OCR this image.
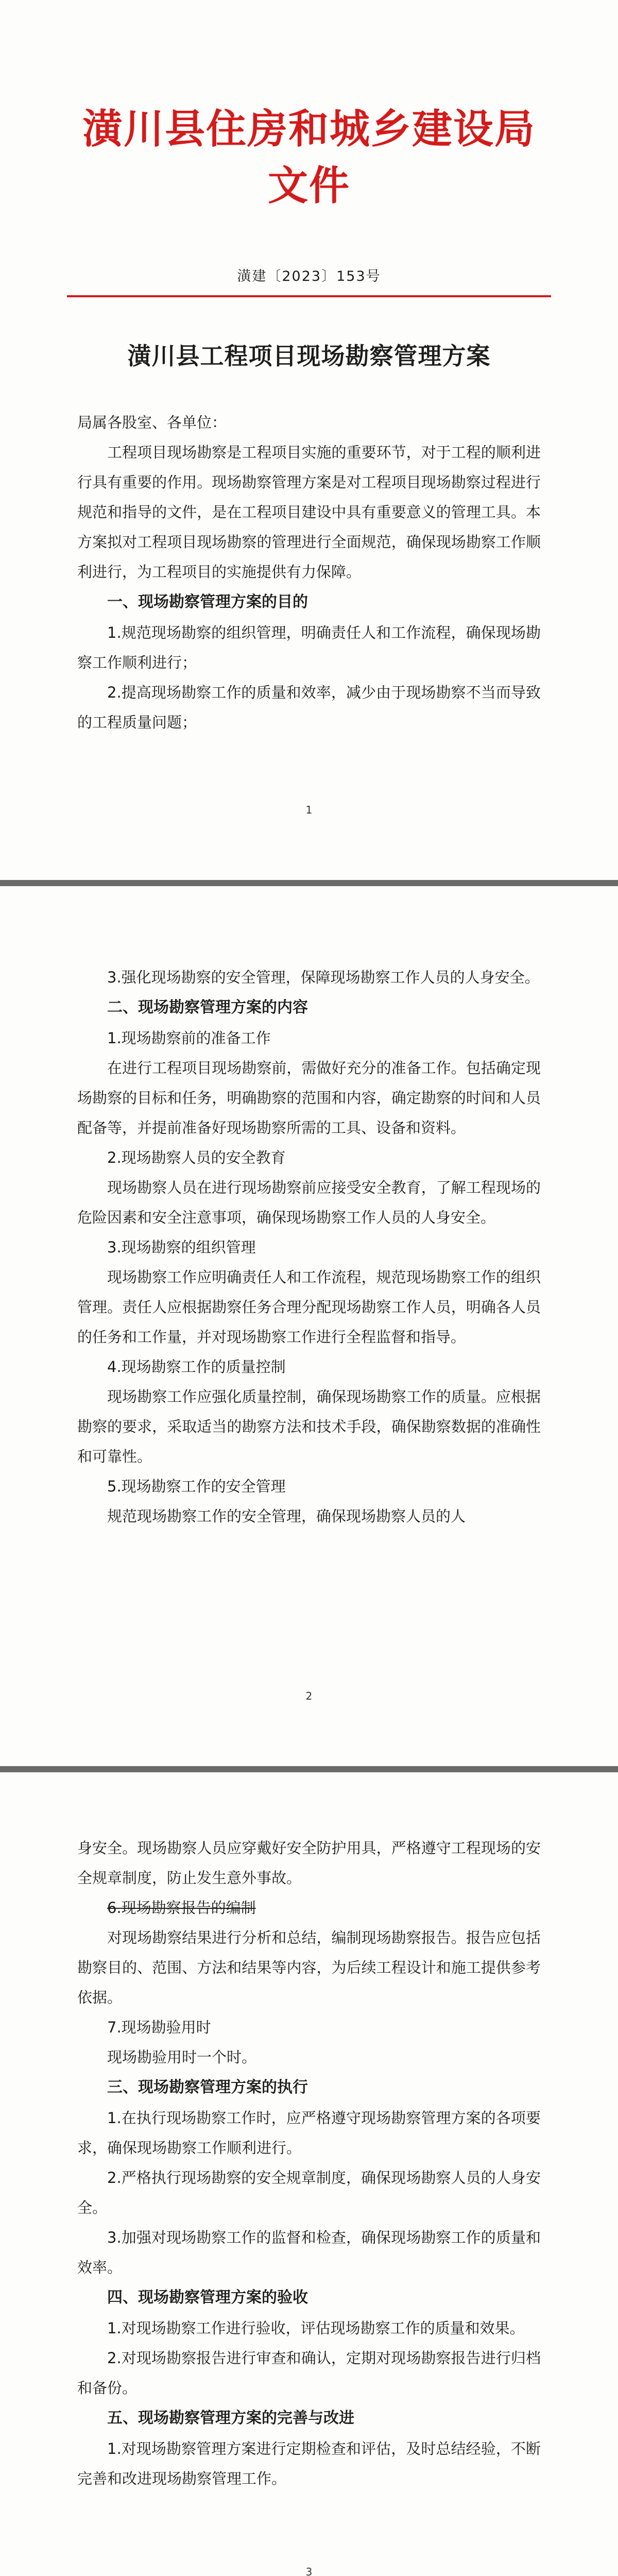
潢川县住房和城乡建设局文件
潢建〔2023〕153号
潢川县工程项目现场勘察管理方案
局属各股室、各单位：

工程项目现场勘察是工程项目实施的重要环节，对于工程的顺利进行具有重要的作用。现场勘察管理方案是对工程项目现场勘察过程进行规范和指导的文件，是在工程项目建设中具有重要意义的管理工具。本方案拟对工程项目现场勘察的管理进行全面规范，确保现场勘察工作顺利进行，为工程项目的实施提供有力保障。

一、现场勘察管理方案的目的

1.规范现场勘察的组织管理，明确责任人和工作流程，确保现场勘察工作顺利进行；

2.提高现场勘察工作的质量和效率，减少由于现场勘察不当而导致的工程质量问题；

1

3.强化现场勘察的安全管理，保障现场勘察工作人员的人身安全。

二、现场勘察管理方案的内容

1.现场勘察前的准备工作

在进行工程项目现场勘察前，需做好充分的准备工作。包括确定现场勘察的目标和任务，明确勘察的范围和内容，确定勘察的时间和人员配备等，并提前准备好现场勘察所需的工具、设备和资料。

2.现场勘察人员的安全教育

现场勘察人员在进行现场勘察前应接受安全教育，了解工程现场的危险因素和安全注意事项，确保现场勘察工作人员的人身安全。

3.现场勘察的组织管理

现场勘察工作应明确责任人和工作流程，规范现场勘察工作的组织管理。责任人应根据勘察任务合理分配现场勘察工作人员，明确各人员的任务和工作量，并对现场勘察工作进行全程监督和指导。

4.现场勘察工作的质量控制

现场勘察工作应强化质量控制，确保现场勘察工作的质量。应根据勘察的要求，采取适当的勘察方法和技术手段，确保勘察数据的准确性和可靠性。

5.现场勘察工作的安全管理

规范现场勘察工作的安全管理，确保现场勘察人员的人

2

身安全。现场勘察人员应穿戴好安全防护用具，严格遵守工程现场的安全规章制度，防止发生意外事故。

6.现场勘察报告的编制

对现场勘察结果进行分析和总结，编制现场勘察报告。报告应包括勘察目的、范围、方法和结果等内容，为后续工程设计和施工提供参考依据。

7.现场勘验用时

现场勘验用时一个时。

三、现场勘察管理方案的执行

1.在执行现场勘察工作时，应严格遵守现场勘察管理方案的各项要求，确保现场勘察工作顺利进行。

2.严格执行现场勘察的安全规章制度，确保现场勘察人员的人身安全。

3.加强对现场勘察工作的监督和检查，确保现场勘察工作的质量和效率。

四、现场勘察管理方案的验收

1.对现场勘察工作进行验收，评估现场勘察工作的质量和效果。

2.对现场勘察报告进行审查和确认，定期对现场勘察报告进行归档和备份。

五、现场勘察管理方案的完善与改进

1.对现场勘察管理方案进行定期检查和评估，及时总结经验，不断完善和改进现场勘察管理工作。

3
